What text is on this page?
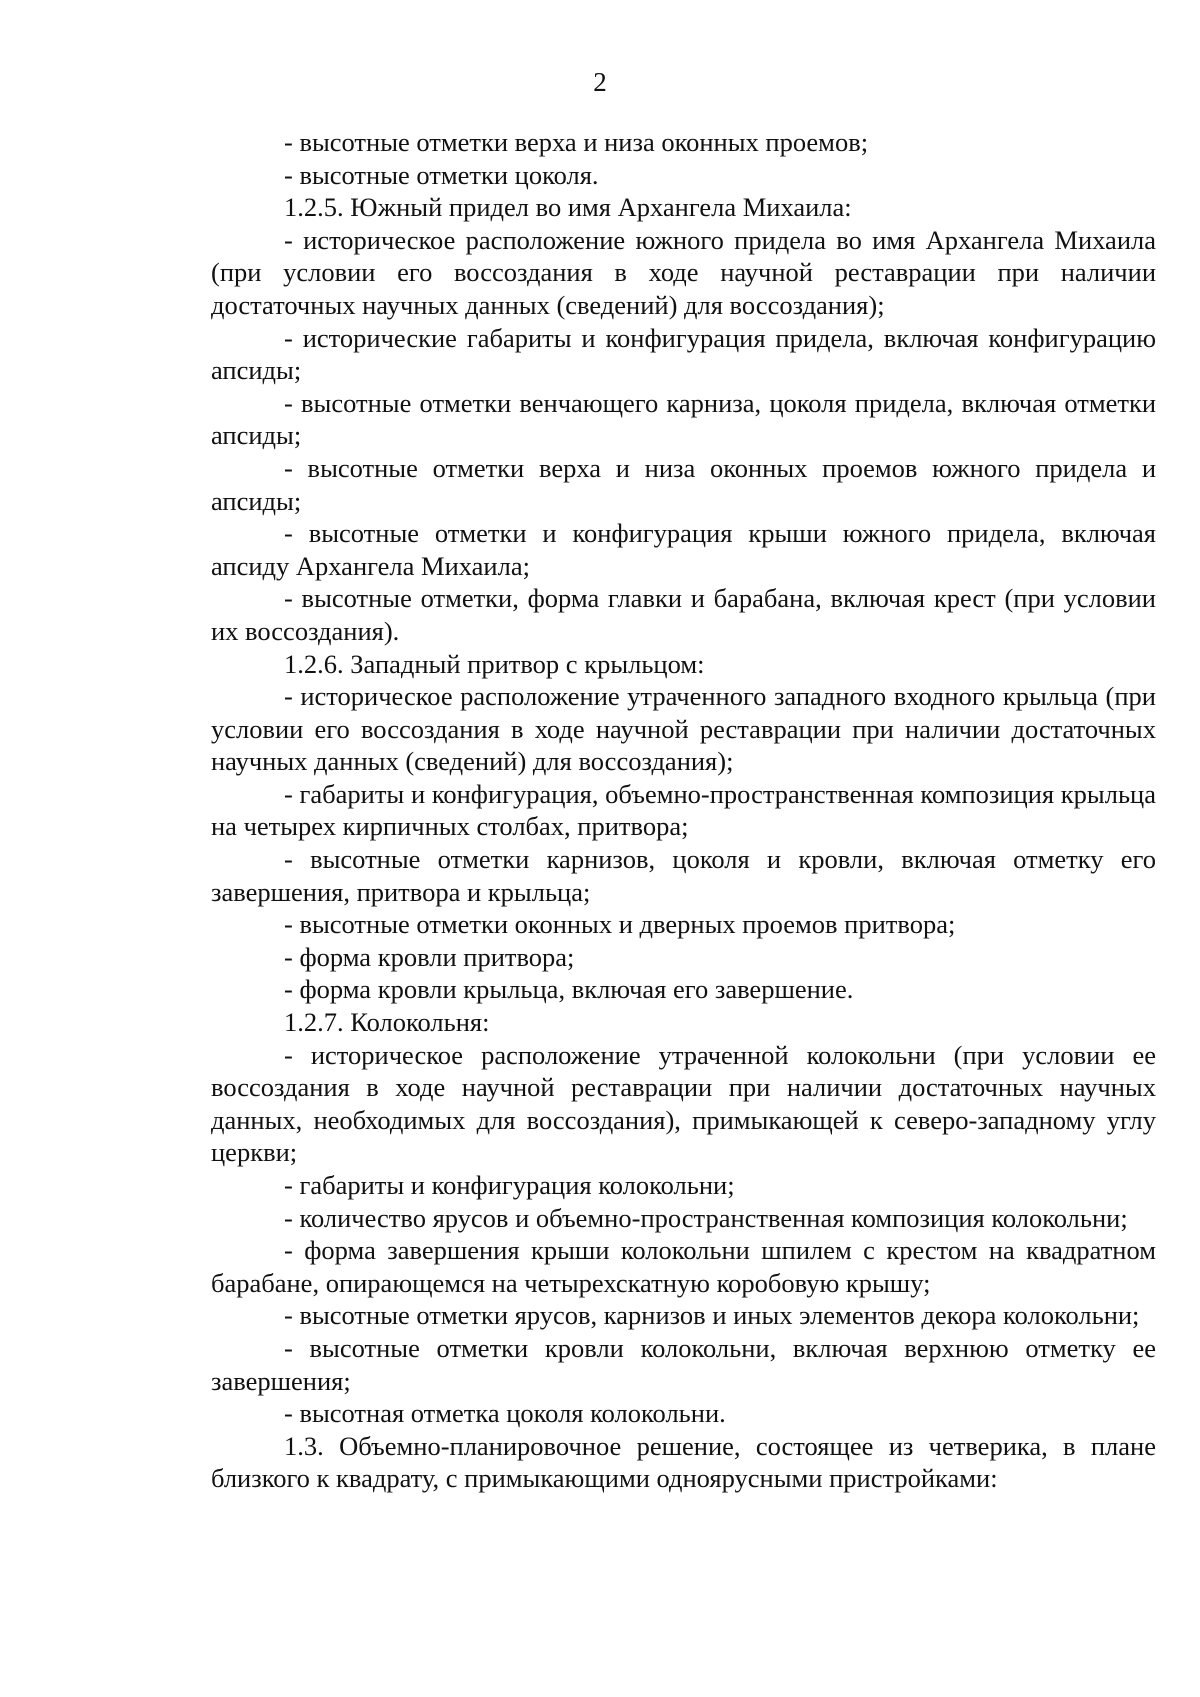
2

- высотные отметки верха и низа оконных проемов;

- высотные отметки цоколя.

1.2.5. Южный придел во имя Архангела Михаила:

- историческое расположение южного придела во имя Архангела Михаила (при условии его воссоздания в ходе научной реставрации при наличии достаточных научных данных (сведений) для воссоздания);

- исторические габариты и конфигурация придела, включая конфигурацию апсиды;

- высотные отметки венчающего карниза, цоколя придела, включая отметки апсиды;

- высотные отметки верха и низа оконных проемов южного придела и апсиды;

- высотные отметки и конфигурация крыши южного придела, включая апсиду Архангела Михаила;

- высотные отметки, форма главки и барабана, включая крест (при условии их воссоздания).

1.2.6. Западный притвор с крыльцом:

- историческое расположение утраченного западного входного крыльца (при условии его воссоздания в ходе научной реставрации при наличии достаточных научных данных (сведений) для воссоздания);

- габариты и конфигурация, объемно-пространственная композиция крыльца на четырех кирпичных столбах, притвора;

- высотные отметки карнизов, цоколя и кровли, включая отметку его завершения, притвора и крыльца;

- высотные отметки оконных и дверных проемов притвора;

- форма кровли притвора;

- форма кровли крыльца, включая его завершение.

1.2.7. Колокольня:

- историческое расположение утраченной колокольни (при условии ее воссоздания в ходе научной реставрации при наличии достаточных научных данных, необходимых для воссоздания), примыкающей к северо-западному углу церкви;

- габариты и конфигурация колокольни;

- количество ярусов и объемно-пространственная композиция колокольни;

- форма завершения крыши колокольни шпилем с крестом на квадратном барабане, опирающемся на четырехскатную коробовую крышу;

- высотные отметки ярусов, карнизов и иных элементов декора колокольни;

- высотные отметки кровли колокольни, включая верхнюю отметку ее завершения;

- высотная отметка цоколя колокольни.

1.3. Объемно-планировочное решение, состоящее из четверика, в плане близкого к квадрату, с примыкающими одноярусными пристройками:
